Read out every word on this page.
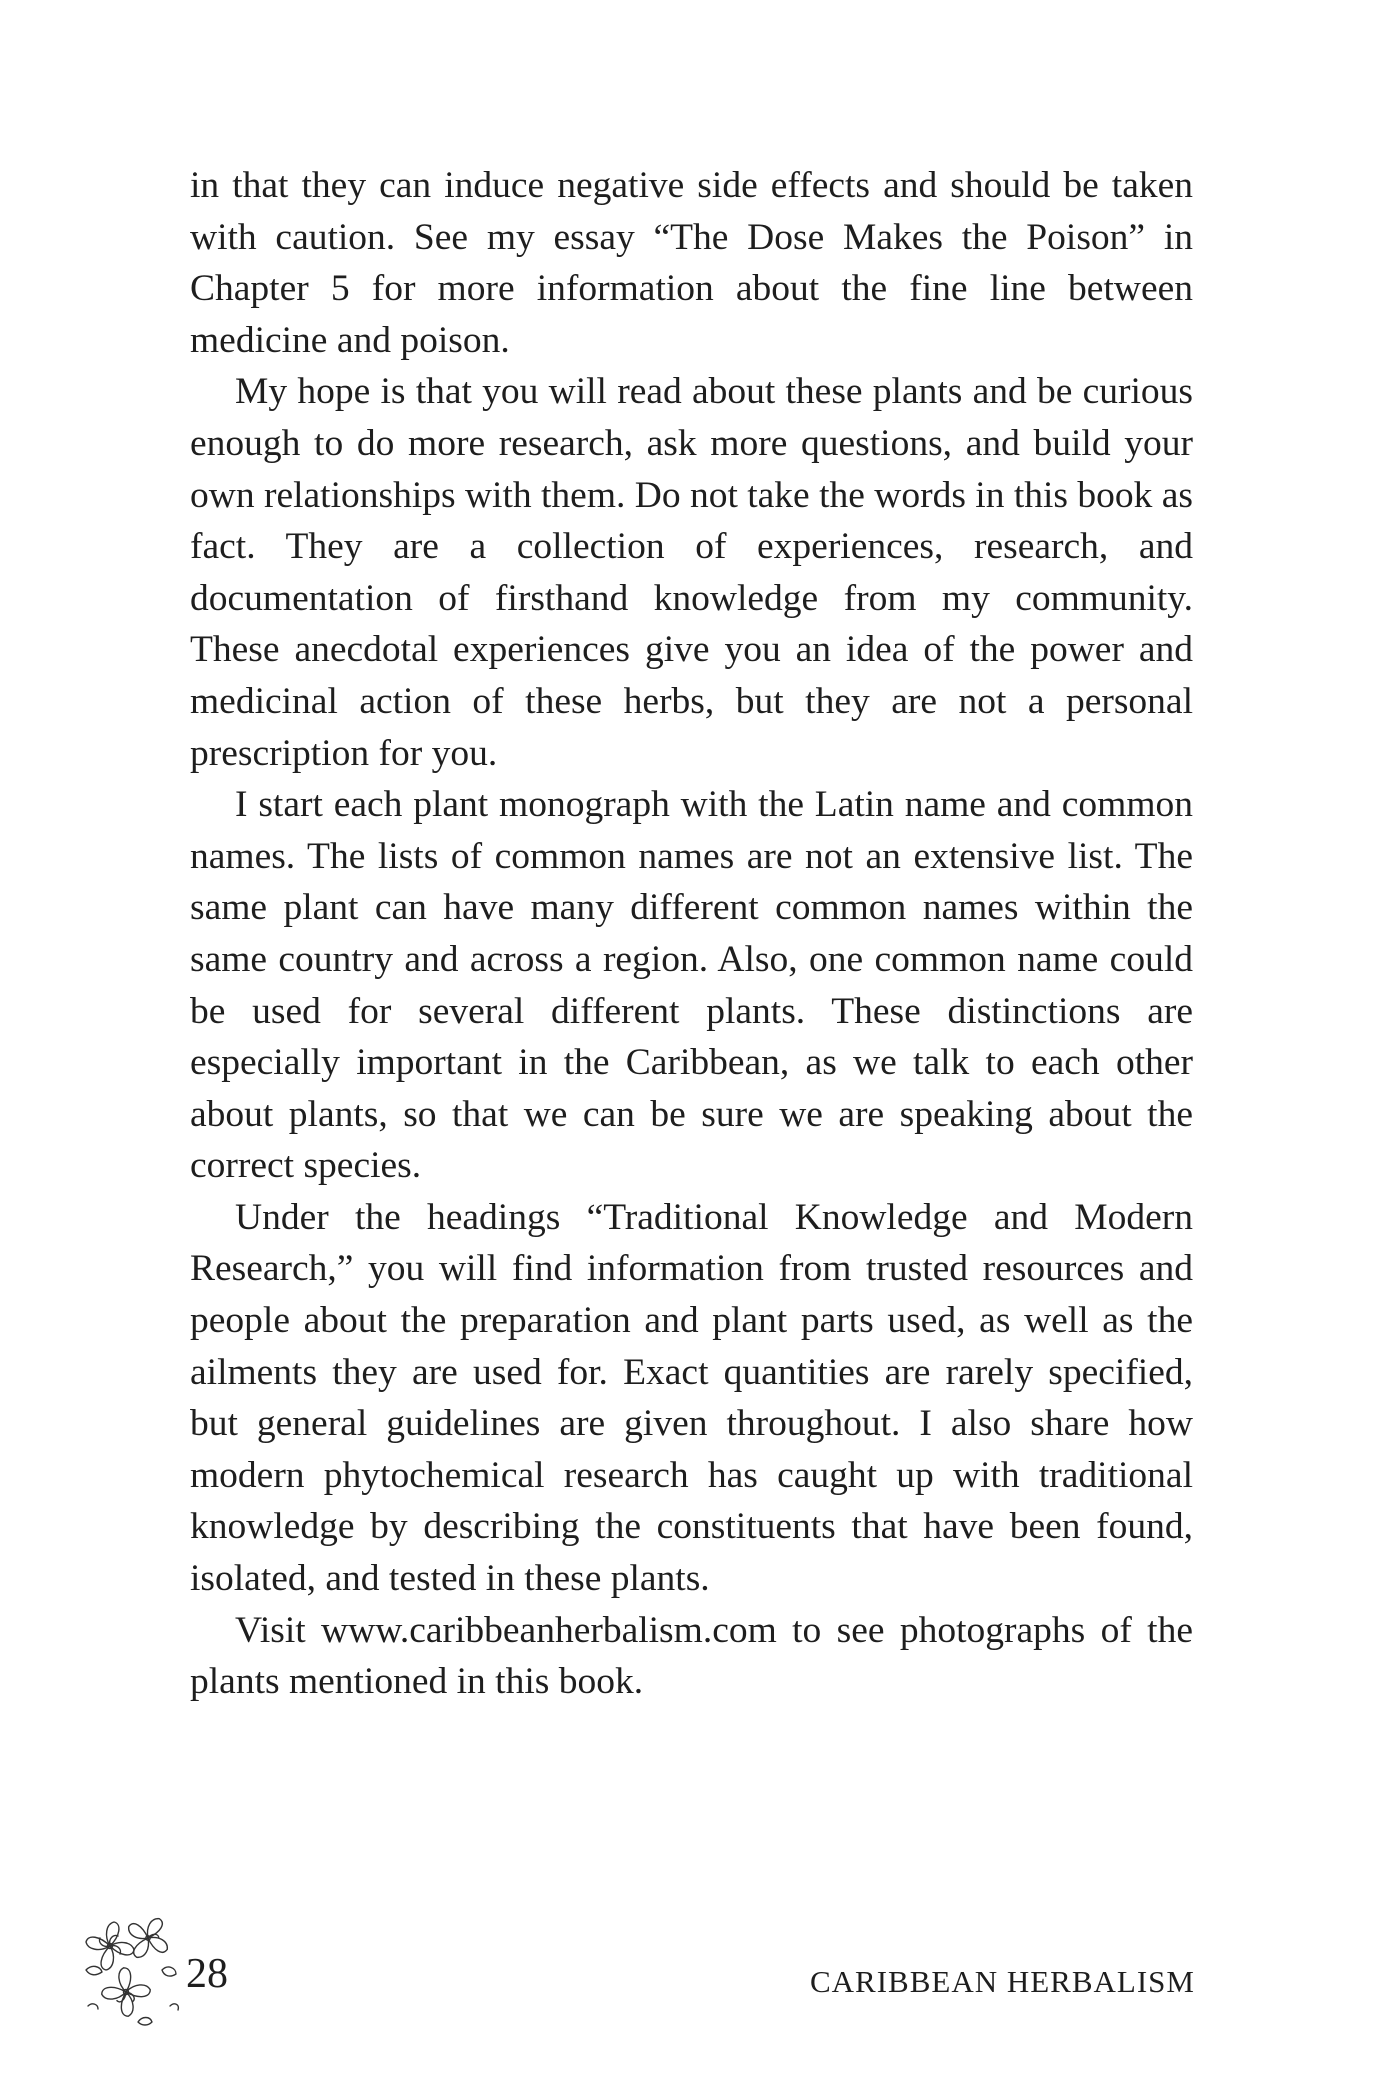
in that they can induce negative side effects and should be taken with caution. See my essay “The Dose Makes the Poison” in Chapter 5 for more information about the fine line between medicine and poison.

My hope is that you will read about these plants and be curious enough to do more research, ask more questions, and build your own relationships with them. Do not take the words in this book as fact. They are a collection of experiences, research, and documentation of firsthand knowledge from my community. These anecdotal experiences give you an idea of the power and medicinal action of these herbs, but they are not a personal prescription for you.

I start each plant monograph with the Latin name and common names. The lists of common names are not an extensive list. The same plant can have many different common names within the same country and across a region. Also, one common name could be used for several different plants. These distinctions are especially important in the Caribbean, as we talk to each other about plants, so that we can be sure we are speaking about the correct species.

Under the headings “Traditional Knowledge and Modern Research,” you will find information from trusted resources and people about the preparation and plant parts used, as well as the ailments they are used for. Exact quantities are rarely specified, but general guidelines are given throughout. I also share how modern phytochemical research has caught up with traditional knowledge by describing the constituents that have been found, isolated, and tested in these plants.

Visit www.caribbeanherbalism.com to see photographs of the plants mentioned in this book.

28	CARIBBEAN HERBALISM
